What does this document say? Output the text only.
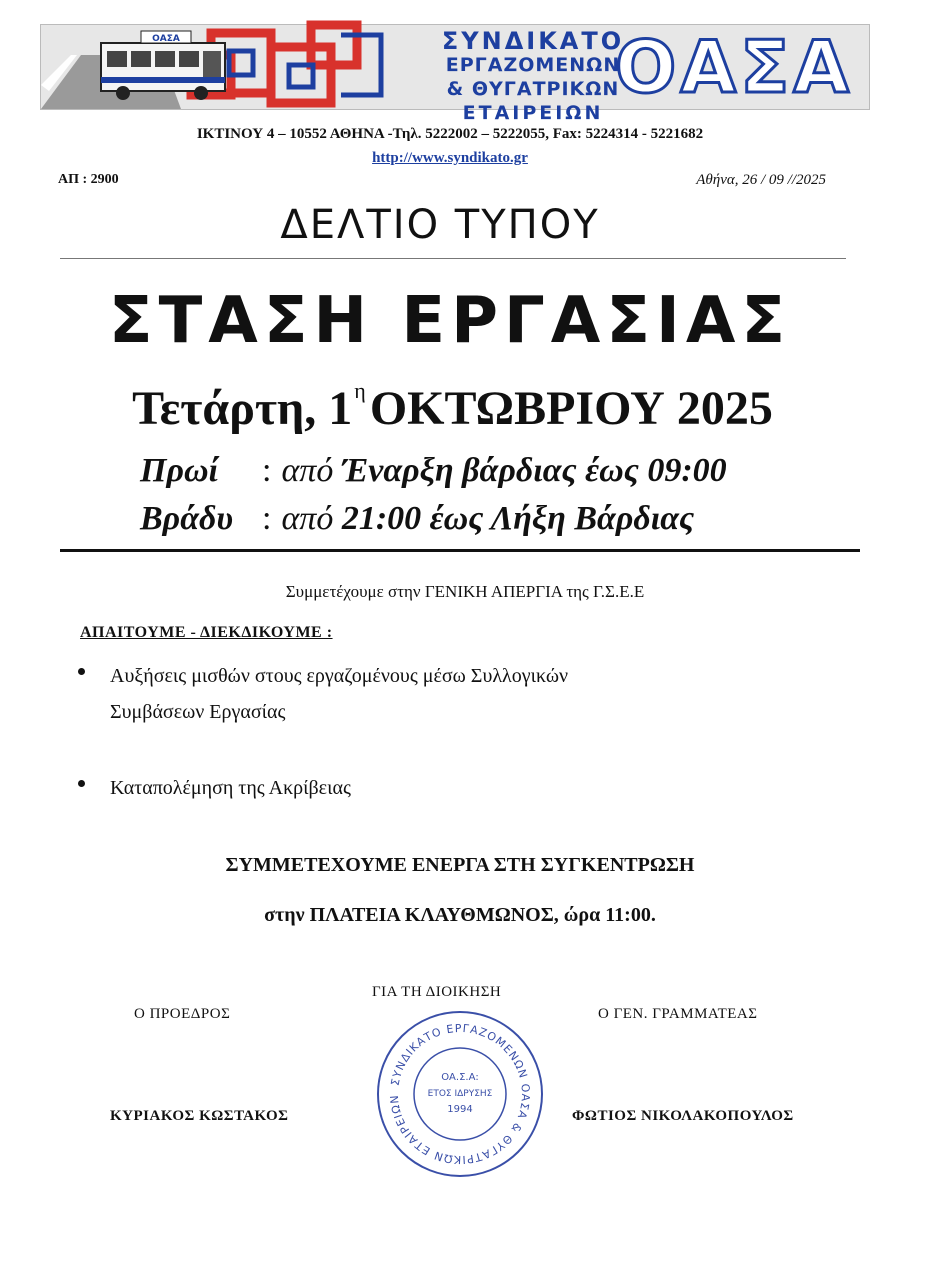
ΟΑΣΑ	ΣΥΝΔΙΚΑΤΟ
ΕΡΓΑΖΟΜΕΝΩΝ
& ΘΥΓΑΤΡΙΚΩΝ
ΕΤΑΙΡΕΙΩΝ
ΟΑΣΑ
ΙΚΤΙΝΟΥ 4 – 10552 ΑΘΗΝΑ -Τηλ. 5222002 – 5222055, Fax: 5224314 - 5221682
http://www.syndikato.gr
ΑΠ : 2900	Αθήνα, 26 / 09 //2025
ΔΕΛΤΙΟ ΤΥΠΟΥ
ΣΤΑΣΗ ΕΡΓΑΣΙΑΣ
Τετάρτη, $1^\eta OKT\Omega BPIO\Upsilon$ 2025
Πρωί : από Έναρξη βάρδιας έως 09:00
Βράδυ : από 21:00 έως Λήξη Βάρδιας
Συμμετέχουμε στην ΓΕΝΙΚΗ ΑΠΕΡΓΙΑ της Γ.Σ.Ε.Ε
ΑΠΑΙΤΟΥΜΕ - ΔΙΕΚΔΙΚΟΥΜΕ :
Αυξήσεις μισθών στους εργαζομένους μέσω Συλλογικών
Συμβάσεων Εργασίας
Καταπολέμηση της Ακρίβειας
ΣΥΜΜΕΤΕΧΟΥΜΕ ΕΝΕΡΓΑ ΣΤΗ ΣΥΓΚΕΝΤΡΩΣΗ
στην ΠΛΑΤΕΙΑ ΚΛΑΥΘΜΩΝΟΣ, ώρα 11:00.
ΓΙΑ ΤΗ ΔΙΟΙΚΗΣΗ
Ο ΠΡΟΕΔΡΟΣ	Ο ΓΕΝ. ΓΡΑΜΜΑΤΕΑΣ
ΚΥΡΙΑΚΟΣ ΚΩΣΤΑΚΟΣ	ΦΩΤΙΟΣ ΝΙΚΟΛΑΚΟΠΟΥΛΟΣ
ΣΥΝΔΙΚΑΤΟ ΕΡΓΑΖΟΜΕΝΩΝ ΟΑΣΑ & ΘΥΓΑΤΡΙΚΩΝ ΕΤΑΙΡΕΙΩΝ
ΟΑ.Σ.Α:
ΕΤΟΣ ΙΔΡΥΣΗΣ
1994
